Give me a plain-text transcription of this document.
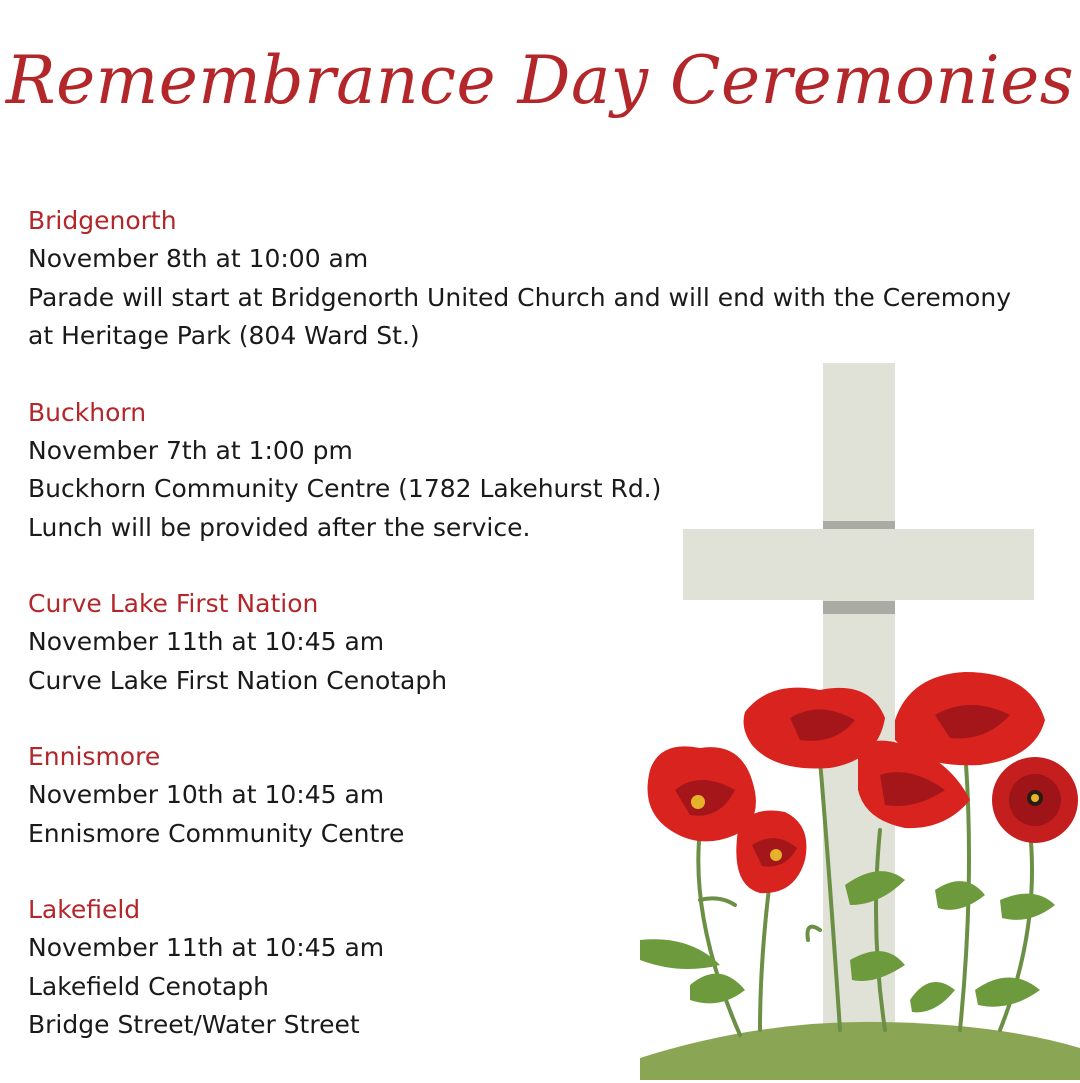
Remembrance Day Ceremonies
Bridgenorth
November 8th at 10:00 am
Parade will start at Bridgenorth United Church and will end with the Ceremony
at Heritage Park (804 Ward St.)
Buckhorn
November 7th at 1:00 pm
Buckhorn Community Centre (1782 Lakehurst Rd.)
Lunch will be provided after the service.
Curve Lake First Nation
November 11th at 10:45 am
Curve Lake First Nation Cenotaph
Ennismore
November 10th at 10:45 am
Ennismore Community Centre
Lakefield
November 11th at 10:45 am
Lakefield Cenotaph
Bridge Street/Water Street
